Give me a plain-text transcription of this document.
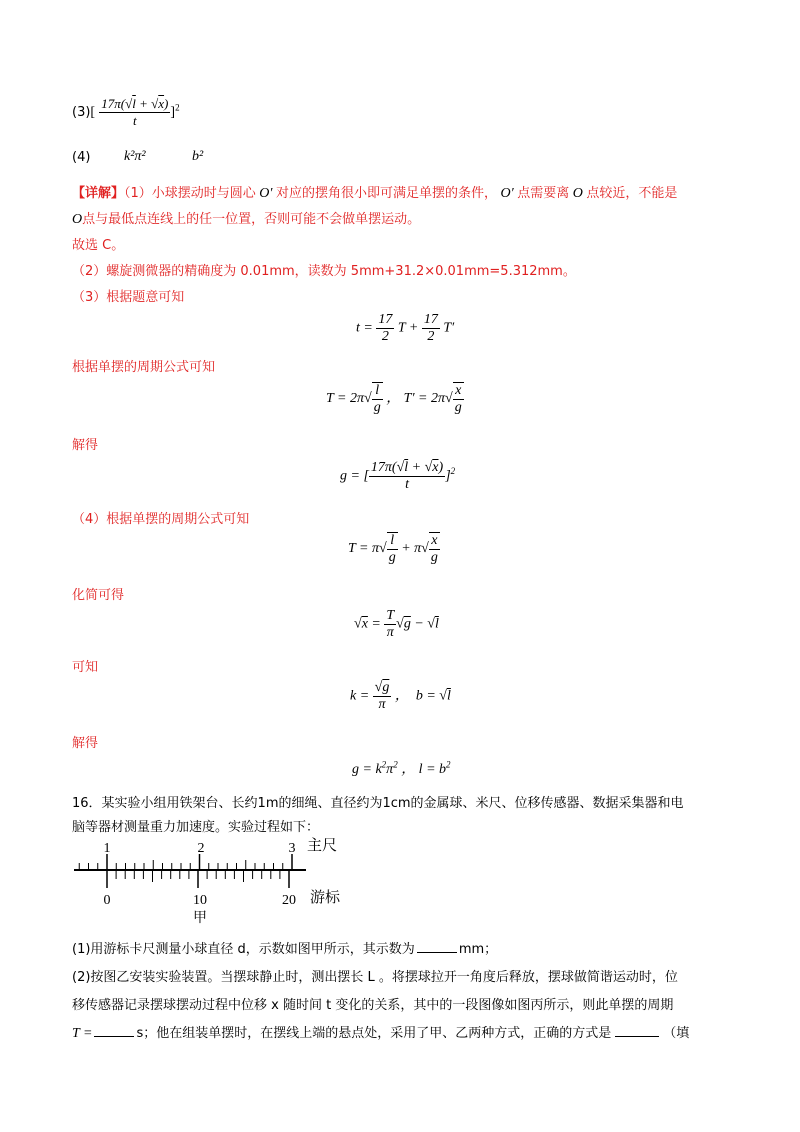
$(3)[ \frac{17\pi(√l + √x)}{t} ]^2$
(4) k²π²	b²
【详解】（1）小球摆动时与圆心 O′ 对应的摆角很小即可满足单摆的条件， O′ 点需要离 O 点较近，不能是
O点与最低点连线上的任一位置，否则可能不会做单摆运动。
故选 C。
（2）螺旋测微器的精确度为 0.01mm，读数为 5mm+31.2×0.01mm=5.312mm。
（3）根据题意可知
$t = \frac{17}{2}$ $T + \frac{17}{2} T'$
根据单摆的周期公式可知
$T = 2\pi√ \frac{l}{g}$ ， $T' = 2\pi√ \frac{x}{g}$
解得
g = [ $\frac{17\pi(√l + √x)}{t} ]^2$
（4）根据单摆的周期公式可知
$T = \pi√ \frac{l}{g} + \pi√ \frac{x}{g}$
化简可得
$√x = \frac{T}{\pi} √g - √l$
可知
$k = \frac{√g}{\pi}$ ，  b = √l
解得
$g = k^2\pi^2$ ， $l = b^2$
16．某实验小组用铁架台、长约1m的细绳、直径约为1cm的金属球、米尺、位移传感器、数据采集器和电
脑等器材测量重力加速度。实验过程如下：
1	2	3 主尺
0	10	20 游标
甲
(1)用游标卡尺测量小球直径 d，示数如图甲所示，其示数为	mm；
(2)按图乙安装实验装置。当摆球静止时，测出摆长 L 。将摆球拉开一角度后释放，摆球做简谐运动时，位
移传感器记录摆球摆动过程中位移 x 随时间 t 变化的关系，其中的一段图像如图丙所示，则此单摆的周期
T =	s；他在组装单摆时，在摆线上端的悬点处，采用了甲、乙两种方式，正确的方式是	（填
